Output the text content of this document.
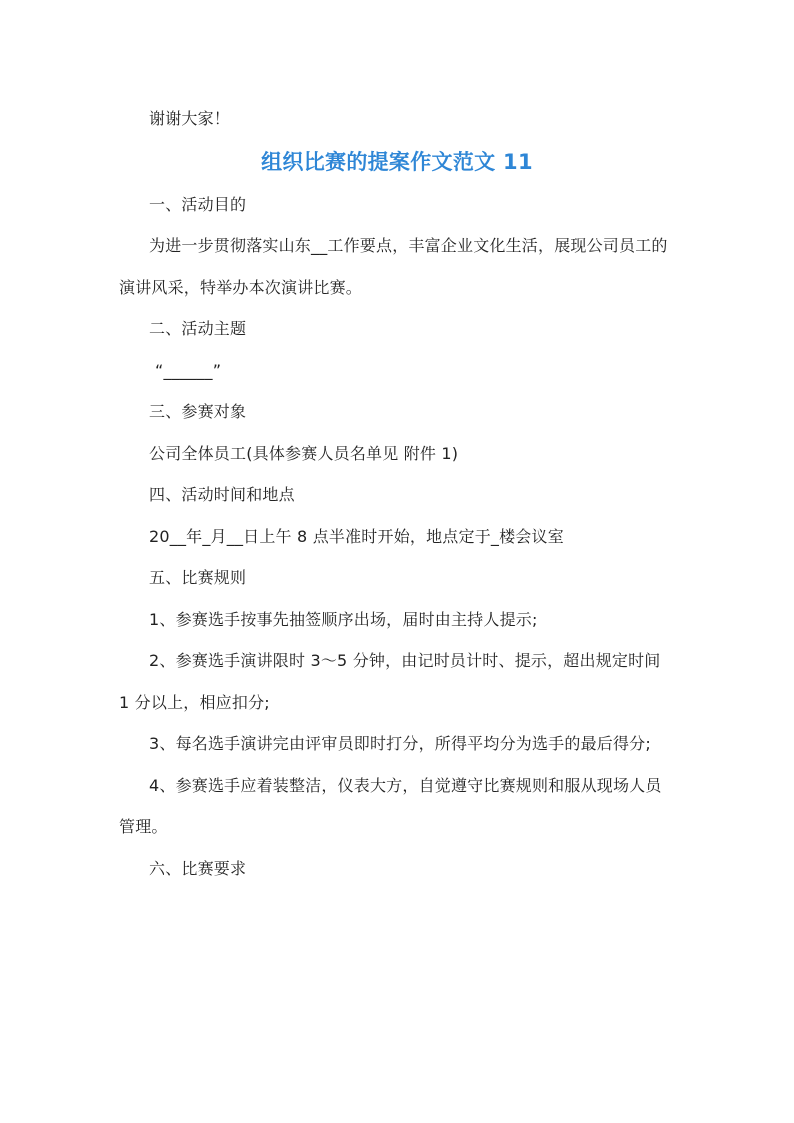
谢谢大家！

组织比赛的提案作文范文 11

一、活动目的

为进一步贯彻落实山东__工作要点，丰富企业文化生活，展现公司员工的演讲风采，特举办本次演讲比赛。

二、活动主题

“______”

三、参赛对象

公司全体员工(具体参赛人员名单见 附件 1)

四、活动时间和地点

20__年_月__日上午 8 点半准时开始，地点定于_楼会议室

五、比赛规则

1、参赛选手按事先抽签顺序出场，届时由主持人提示;

2、参赛选手演讲限时 3～5 分钟，由记时员计时、提示，超出规定时间 1 分以上，相应扣分;

3、每名选手演讲完由评审员即时打分，所得平均分为选手的最后得分;

4、参赛选手应着装整洁，仪表大方，自觉遵守比赛规则和服从现场人员管理。

六、比赛要求
